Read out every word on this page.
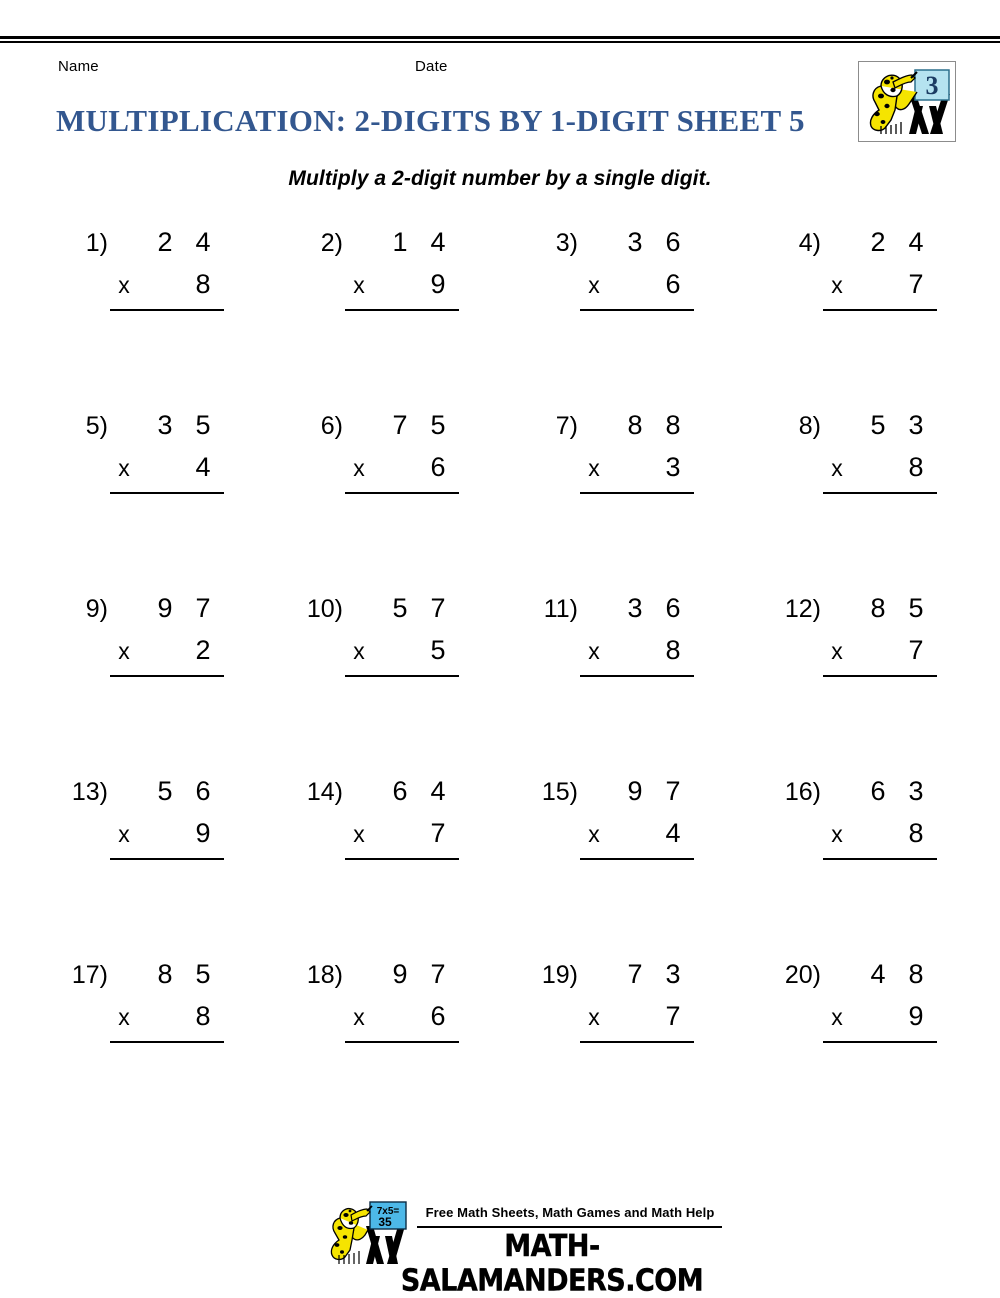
Name	Date
MULTIPLICATION: 2-DIGITS BY 1-DIGIT SHEET 5
Multiply a 2-digit number by a single digit.
3
1) 2 4
x 8
2) 1 4
x 9
3) 3 6
x 6
4) 2 4
x 7
5) 3 5
x 4
6) 7 5
x 6
7) 8 8
x 3
8) 5 3
x 8
9) 9 7
x 2
10) 5 7
x 5
11) 3 6
x 8
12) 8 5
x 7
13) 5 6
x 9
14) 6 4
x 7
15) 9 7
x 4
16) 6 3
x 8
17) 8 5
x 8
18) 9 7
x 6
19) 7 3
x 7
20) 4 8
x 9
7x5=
35
Free Math Sheets, Math Games and Math Help
MATH-SALAMANDERS.COM
